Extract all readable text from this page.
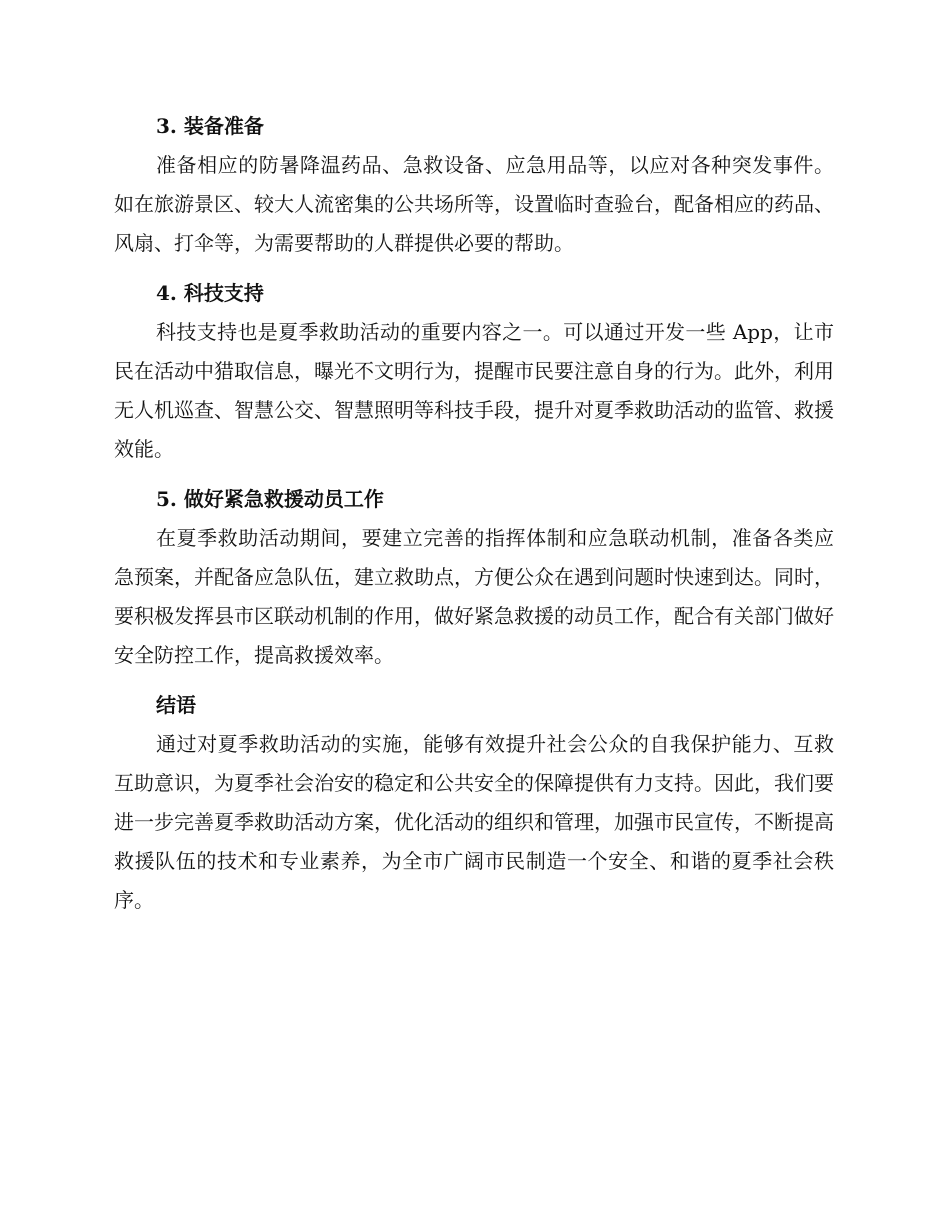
3. 装备准备

准备相应的防暑降温药品、急救设备、应急用品等，以应对各种突发事件。如在旅游景区、较大人流密集的公共场所等，设置临时查验台，配备相应的药品、风扇、打伞等，为需要帮助的人群提供必要的帮助。

4. 科技支持

科技支持也是夏季救助活动的重要内容之一。可以通过开发一些 App，让市民在活动中猎取信息，曝光不文明行为，提醒市民要注意自身的行为。此外，利用无人机巡查、智慧公交、智慧照明等科技手段，提升对夏季救助活动的监管、救援效能。

5. 做好紧急救援动员工作

在夏季救助活动期间，要建立完善的指挥体制和应急联动机制，准备各类应急预案，并配备应急队伍，建立救助点，方便公众在遇到问题时快速到达。同时，要积极发挥县市区联动机制的作用，做好紧急救援的动员工作，配合有关部门做好安全防控工作，提高救援效率。

结语

通过对夏季救助活动的实施，能够有效提升社会公众的自我保护能力、互救互助意识，为夏季社会治安的稳定和公共安全的保障提供有力支持。因此，我们要进一步完善夏季救助活动方案，优化活动的组织和管理，加强市民宣传，不断提高救援队伍的技术和专业素养，为全市广阔市民制造一个安全、和谐的夏季社会秩序。
